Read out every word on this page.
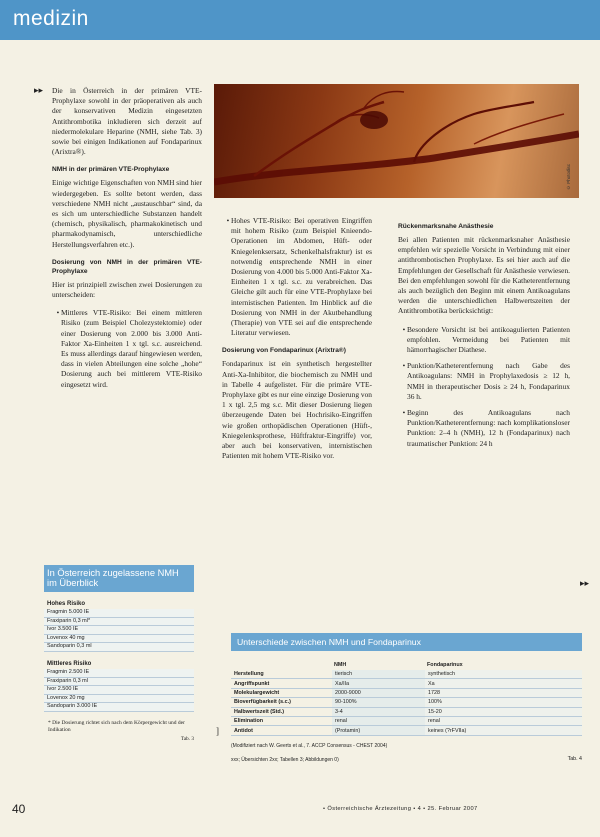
medizin
▸▸ Die in Österreich in der primären VTE-Prophylaxe sowohl in der präoperativen als auch der konservativen Medizin eingesetzten Antithrombotika inkludieren sich derzeit auf niedermolekulare Heparine (NMH, siehe Tab. 3) sowie bei einigen Indikationen auf Fondaparinux (Arixtra®).

NMH in der primären VTE-Prophylaxe

Einige wichtige Eigenschaften von NMH sind hier wiedergegeben. Es sollte betont werden, dass verschiedene NMH nicht „austauschbar“ sind, da es sich um unterschiedliche Substanzen handelt (chemisch, physikalisch, pharmakokinetisch und pharmakodynamisch, unterschiedliche Herstellungsverfahren etc.).

Dosierung von NMH in der primären VTE-Prophylaxe

Hier ist prinzipiell zwischen zwei Dosierungen zu unterscheiden:

• Mittleres VTE-Risiko: Bei einem mittleren Risiko (zum Beispiel Cholezystektomie) oder einer Dosierung von 2.000 bis 3.000 Anti-Faktor Xa-Einheiten 1 x tgl. s.c. ausreichend. Es muss allerdings darauf hingewiesen werden, dass in vielen Abteilungen eine solche „hohe“ Dosierung auch bei mittlerem VTE-Risiko eingesetzt wird.
© Photodisc
• Hohes VTE-Risiko: Bei operativen Eingriffen mit hohem Risiko (zum Beispiel Knieendo-Operationen im Abdomen, Hüft- oder Kniegelenksersatz, Schenkelhalsfraktur) ist es notwendig entsprechende NMH in einer Dosierung von 4.000 bis 5.000 Anti-Faktor Xa-Einheiten 1 x tgl. s.c. zu verabreichen. Das Gleiche gilt auch für eine VTE-Prophylaxe bei internistischen Patienten. Im Hinblick auf die Dosierung von NMH in der Akutbehandlung (Therapie) von VTE sei auf die entsprechende Literatur verwiesen.
Dosierung von Fondaparinux (Arixtra®)

Fondaparinux ist ein synthetisch hergestellter Anti-Xa-Inhibitor, die biochemisch zu NMH und in Tabelle 4 aufgelistet. Für die primäre VTE-Prophylaxe gibt es nur eine einzige Dosierung von 1 x tgl. 2,5 mg s.c. Mit dieser Dosierung liegen überzeugende Daten bei Hochrisiko-Eingriffen wie großen orthopädischen Operationen (Hüft-, Kniegelenksprothese, Hüftfraktur-Eingriffe) vor, aber auch bei konservativen, internistischen Patienten mit hohem VTE-Risiko vor.

Rückenmarksnahe Anästhesie

Bei allen Patienten mit rückenmarksnaher Anästhesie empfehlen wir spezielle Vorsicht in Verbindung mit einer antithrombotischen Prophylaxe. Es sei hier auch auf die Empfehlungen der Gesellschaft für Anästhesie verwiesen. Bei den empfehlungen sowohl für die Katheterentfernung als auch bezüglich den Beginn mit einem Antikoagulans werden die unterschiedlichen Halbwertszeiten der Antithrombotika berücksichtigt:

• Besondere Vorsicht ist bei antikoagulierten Patienten empfohlen. Vermeidung bei Patienten mit hämorrhagischer Diathese.
• Punktion/Katheterentfernung nach Gabe des Antikoagulans: NMH in Prophylaxedosis ≥ 12 h, NMH in therapeutischer Dosis ≥ 24 h, Fondaparinux 36 h.
• Beginn des Antikoagulans nach Punktion/Katheterentfernung: nach komplikationsloser Punktion: 2–4 h (NMH), 12 h (Fondaparinux) nach traumatischer Punktion: 24 h
▸▸
In Österreich zugelassene NMH im Überblick
Hohes Risiko
Fragmin 5.000 IE
Fraxiparin 0,3 ml*
Ivor 3.500 IE
Lovenox 40 mg
Sandoparin 0,3 ml
Mittleres Risiko
Fragmin 2.500 IE
Fraxiparin 0,3 ml
Ivor 2.500 IE
Lovenox 20 mg
Sandoparin 3.000 IE
* Die Dosierung richtet sich nach dem Körpergewicht und der Indikation
Tab. 3
]
Unterschiede zwischen NMH und Fondaparinux
	NMH	Fondaparinux
Herstellung	tierisch	synthetisch
Angriffspunkt	Xa/IIa	Xa
Molekulargewicht	2000-9000	1728
Bioverfügbarkeit (s.c.)	90-100%	100%
Halbwertszeit (Std.)	3-4	15-20
Elimination	renal	renal
Antidot	(Protamin)	keines (?rFVIIa)
(Modifiziert nach W. Geerts et al., 7. ACCP Consensus - CHEST 2004)
xxx; Übersichten 2xx; Tabellen 3; Abbildungen 0)	Tab. 4
40	• Österreichische Ärztezeitung • 4 • 25. Februar 2007
